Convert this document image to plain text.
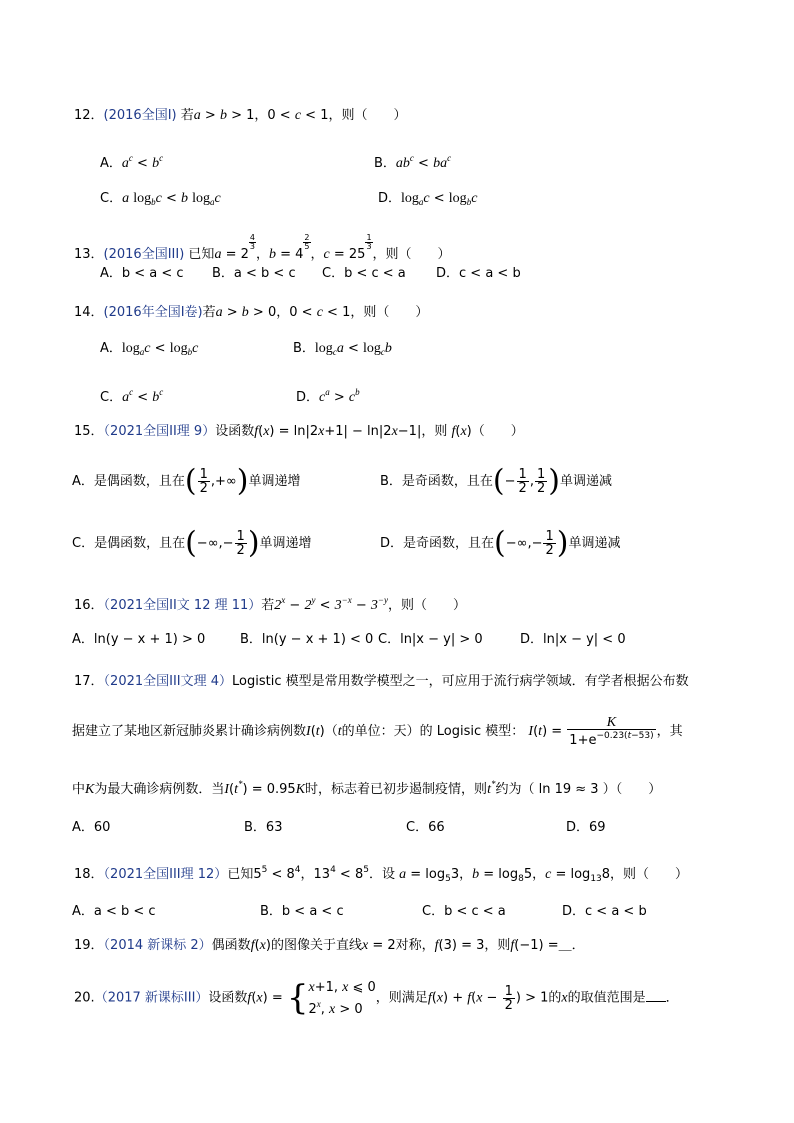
12．(2016全国I) 若a > b > 1，0 < c < 1，则（　　）
A．$a^c < b^c$	B．$ab^c < ba^c$
C．a $\log_bc < b$ $\log_ac$	D．$\log_ac < \log_bc$
13．(2016全国III) 已知a = 2
$\frac{4}{3}$
，b = 4
$\frac{2}{5}$
，c = 25
$\frac{1}{3}$
，则（　　）
A．b < a < c B．a < b < c C．b < c < a D．c < a < b
14．(2016年全国I卷)若a > b > 0，0 < c < 1，则（　　）
A．$\log_ac < \log_bc$	B．$\log_ca < \log_cb$
C．$a^c < b^c$	D．$c^a > c^b$
15．（2021全国II理 9）设函数f(x) = ln|2x+1| − ln|2x−1|，则 f(x)（　　）
A．是偶函数，且在( $\frac{1}{2}$ ,+∞)单调递增	B．是奇函数，且在(− $\frac{1}{2}$ , $\frac{1}{2}$ )单调递减
C．是偶函数，且在(−∞,− $\frac{1}{2}$ )单调递增	D．是奇函数，且在(−∞,− $\frac{1}{2}$ )单调递减
16．（2021全国II文 12 理 11）若$2^x - 2^y < 3^{-x} - 3^{-y}$，则（　　）
A．ln(y − x + 1) > 0	B．ln(y − x + 1) < 0 C．ln|x − y| > 0	D．ln|x − y| < 0
17．（2021全国III文理 4）Logistic 模型是常用数学模型之一，可应用于流行病学领域．有学者根据公布数
据建立了某地区新冠肺炎累计确诊病例数I(t)（t的单位：天）的 Logisic 模型： $I(t) = \frac{K}{1+e^{-0.23(t-53)}}$ ，其
中K为最大确诊病例数．当I(t*) = 0.95K时，标志着已初步遏制疫情，则t*约为（ ln 19 ≈ 3 ）（　　）
A．60	B．63	C．66	D．69
18．（2021全国III理 12）已知$5^5 < 8^4$，$13^4 < 8^5$．设 $a = \log_53$，$b = \log_85$，$c = \log_{13}8$，则（　　）
A．a < b < c	B．b < a < c	C．b < c < a	D．c < a < b
19．（2014 新课标 2）偶函数f(x)的图像关于直线x = 2对称，f(3) = 3，则f(−1) =＿．
20.（2017 新课标III）设函数f(x) = { x+1, x ⩽ 0
2$^x$, x > 0
，则满足$f(x) + f(x - \frac{1}{2}$ ) > 1的x的取值范围是 ．
